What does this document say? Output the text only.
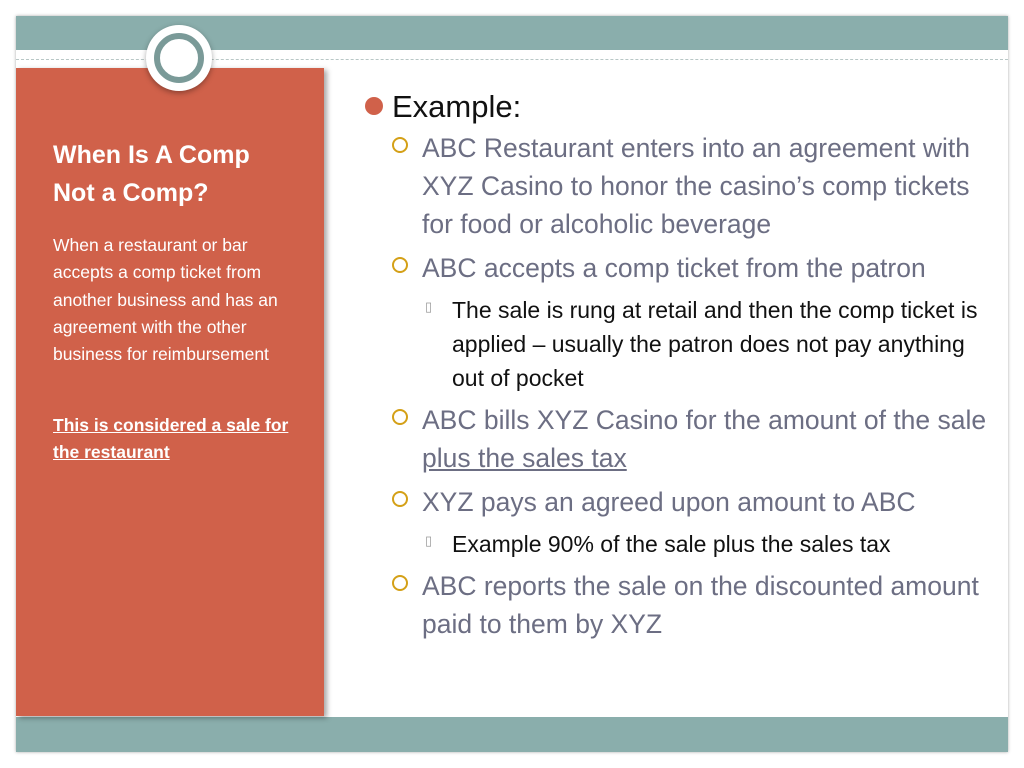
When Is A Comp
Not a Comp?

When a restaurant or bar accepts a comp ticket from another business and has an agreement with the other business for reimbursement

This is considered a sale for the restaurant

Example:
ABC Restaurant enters into an agreement with XYZ Casino to honor the casino’s comp tickets for food or alcoholic beverage
ABC accepts a comp ticket from the patron
▯ The sale is rung at retail and then the comp ticket is applied – usually the patron does not pay anything out of pocket
ABC bills XYZ Casino for the amount of the sale plus the sales tax
XYZ pays an agreed upon amount to ABC
▯ Example 90% of the sale plus the sales tax
ABC reports the sale on the discounted amount paid to them by XYZ
